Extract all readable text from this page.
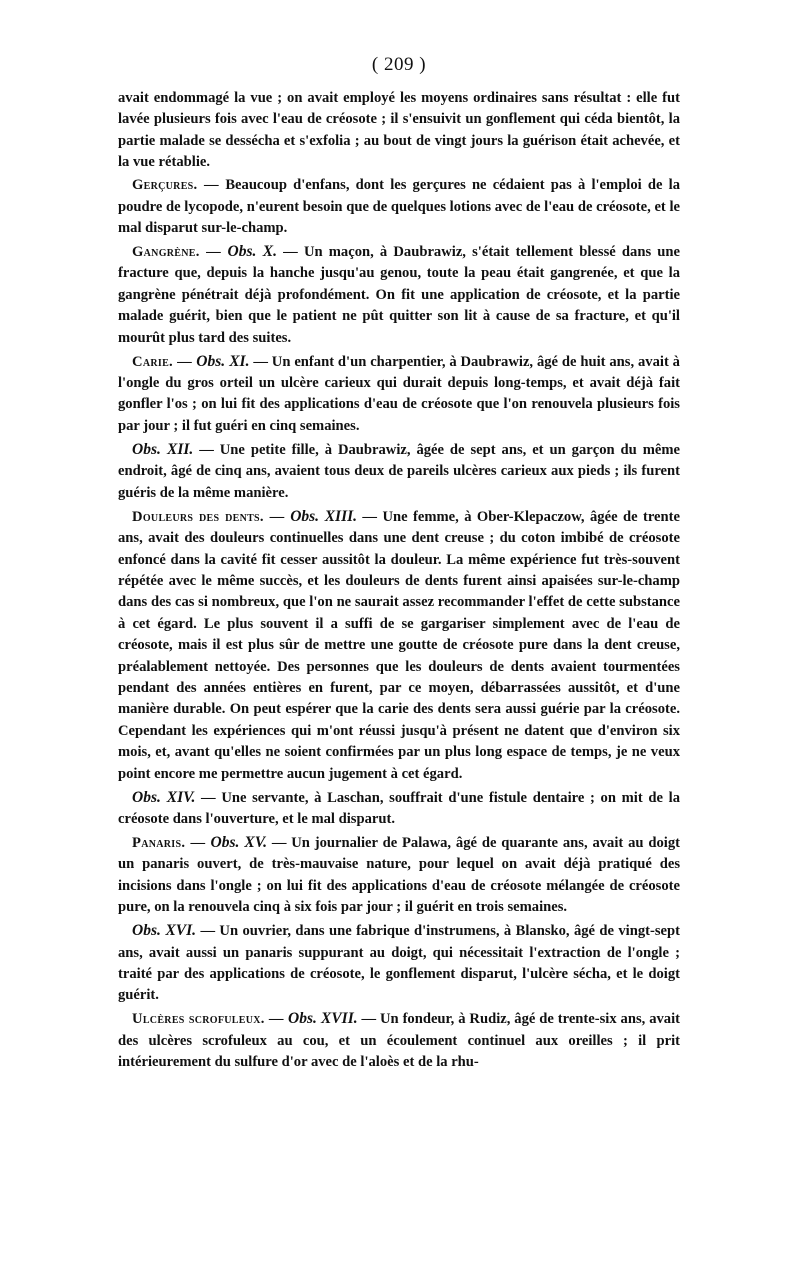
( 209 )

avait endommagé la vue ; on avait employé les moyens ordinaires sans résultat : elle fut lavée plusieurs fois avec l'eau de créosote ; il s'ensuivit un gonflement qui céda bientôt, la partie malade se dessécha et s'exfolia ; au bout de vingt jours la guérison était achevée, et la vue rétablie.

Gerçures. — Beaucoup d'enfans, dont les gerçures ne cédaient pas à l'emploi de la poudre de lycopode, n'eurent besoin que de quelques lotions avec de l'eau de créosote, et le mal disparut sur-le-champ.

Gangrène. — Obs. X. — Un maçon, à Daubrawiz, s'était tellement blessé dans une fracture que, depuis la hanche jusqu'au genou, toute la peau était gangrenée, et que la gangrène pénétrait déjà profondément. On fit une application de créosote, et la partie malade guérit, bien que le patient ne pût quitter son lit à cause de sa fracture, et qu'il mourût plus tard des suites.

Carie. — Obs. XI. — Un enfant d'un charpentier, à Daubrawiz, âgé de huit ans, avait à l'ongle du gros orteil un ulcère carieux qui durait depuis long-temps, et avait déjà fait gonfler l'os ; on lui fit des applications d'eau de créosote que l'on renouvela plusieurs fois par jour ; il fut guéri en cinq semaines.

Obs. XII. — Une petite fille, à Daubrawiz, âgée de sept ans, et un garçon du même endroit, âgé de cinq ans, avaient tous deux de pareils ulcères carieux aux pieds ; ils furent guéris de la même manière.

Douleurs des dents. — Obs. XIII. — Une femme, à Ober-Klepaczow, âgée de trente ans, avait des douleurs continuelles dans une dent creuse ; du coton imbibé de créosote enfoncé dans la cavité fit cesser aussitôt la douleur. La même expérience fut très-souvent répétée avec le même succès, et les douleurs de dents furent ainsi apaisées sur-le-champ dans des cas si nombreux, que l'on ne saurait assez recommander l'effet de cette substance à cet égard. Le plus souvent il a suffi de se gargariser simplement avec de l'eau de créosote, mais il est plus sûr de mettre une goutte de créosote pure dans la dent creuse, préalablement nettoyée. Des personnes que les douleurs de dents avaient tourmentées pendant des années entières en furent, par ce moyen, débarrassées aussitôt, et d'une manière durable. On peut espérer que la carie des dents sera aussi guérie par la créosote. Cependant les expériences qui m'ont réussi jusqu'à présent ne datent que d'environ six mois, et, avant qu'elles ne soient confirmées par un plus long espace de temps, je ne veux point encore me permettre aucun jugement à cet égard.

Obs. XIV. — Une servante, à Laschan, souffrait d'une fistule dentaire ; on mit de la créosote dans l'ouverture, et le mal disparut.

Panaris. — Obs. XV. — Un journalier de Palawa, âgé de quarante ans, avait au doigt un panaris ouvert, de très-mauvaise nature, pour lequel on avait déjà pratiqué des incisions dans l'ongle ; on lui fit des applications d'eau de créosote mélangée de créosote pure, on la renouvela cinq à six fois par jour ; il guérit en trois semaines.

Obs. XVI. — Un ouvrier, dans une fabrique d'instrumens, à Blansko, âgé de vingt-sept ans, avait aussi un panaris suppurant au doigt, qui nécessitait l'extraction de l'ongle ; traité par des applications de créosote, le gonflement disparut, l'ulcère sécha, et le doigt guérit.

Ulcères scrofuleux. — Obs. XVII. — Un fondeur, à Rudiz, âgé de trente-six ans, avait des ulcères scrofuleux au cou, et un écoulement continuel aux oreilles ; il prit intérieurement du sulfure d'or avec de l'aloès et de la rhu-
